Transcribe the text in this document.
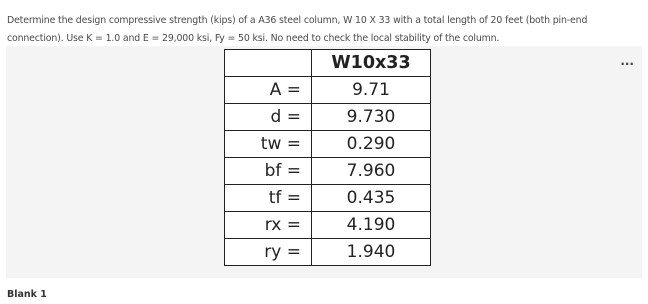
Determine the design compressive strength (kips) of a A36 steel column, W 10 X 33 with a total length of 20 feet (both pin-end
connection). Use K = 1.0 and E = 29,000 ksi, Fy = 50 ksi. No need to check the local stability of the column.
...
	W10x33
A =	9.71
d =	9.730
tw =	0.290
bf =	7.960
tf =	0.435
rx =	4.190
ry =	1.940
Blank 1
